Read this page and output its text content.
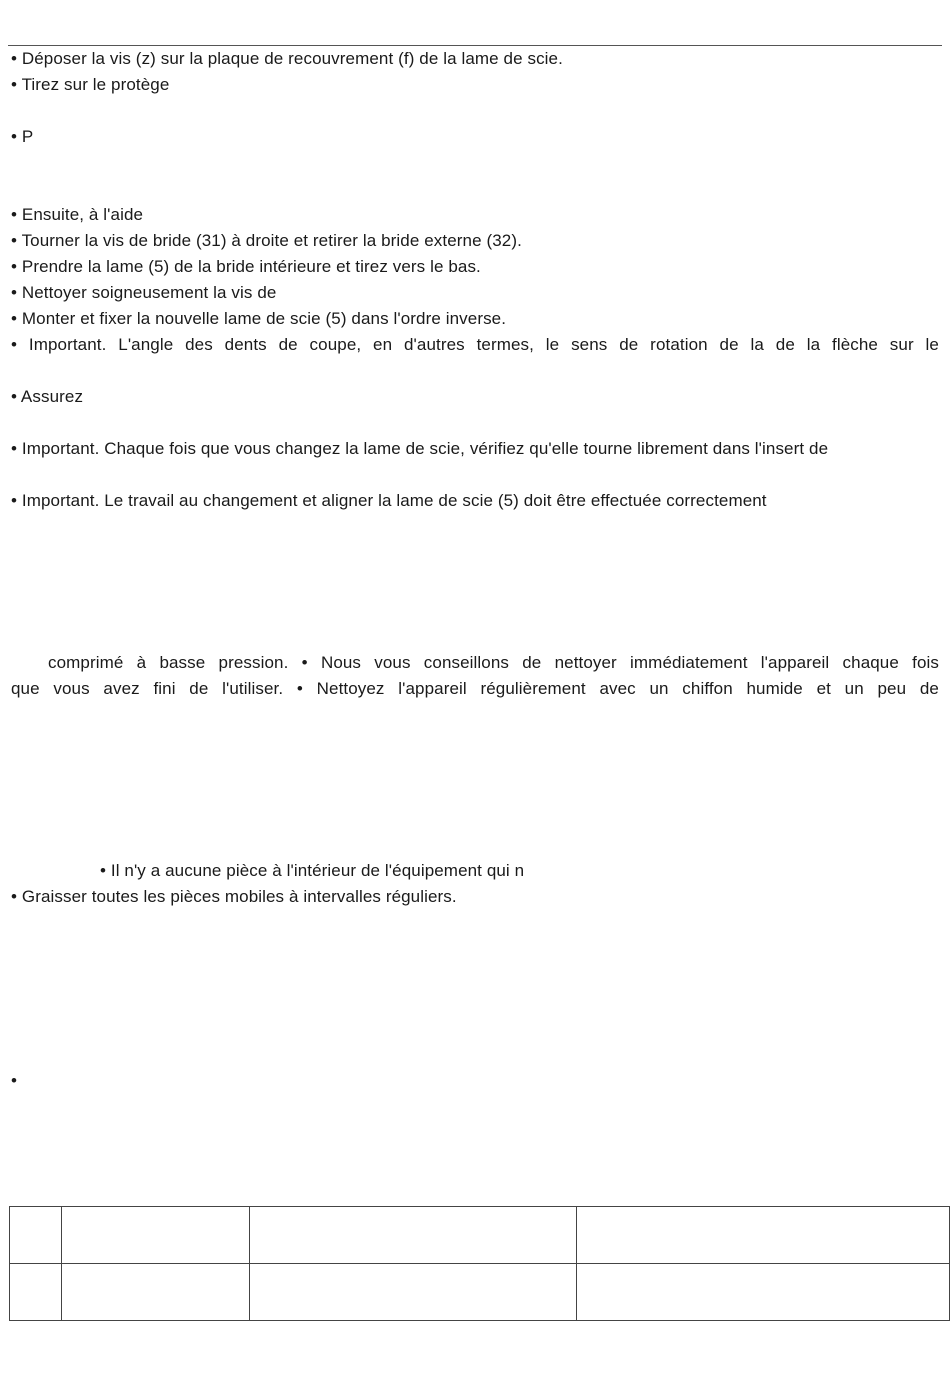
• Déposer la vis (z) sur la plaque de recouvrement (f) de la lame de scie.
• Tirez sur le protège
• P
• Ensuite, à l'aide
• Tourner la vis de bride (31) à droite et retirer la bride externe (32).
• Prendre la lame (5) de la bride intérieure et tirez vers le bas.
• Nettoyer soigneusement la vis de
• Monter et fixer la nouvelle lame de scie (5) dans l'ordre inverse.
• Important. L'angle des dents de coupe, en d'autres termes, le sens de rotation de la de la flèche sur le
• Assurez
• Important. Chaque fois que vous changez la lame de scie, vérifiez qu'elle tourne librement dans l'insert de
• Important. Le travail au changement et aligner la lame de scie (5) doit être effectuée correctement
comprimé à basse pression. • Nous vous conseillons de nettoyer immédiatement l'appareil chaque fois
que vous avez fini de l'utiliser. • Nettoyez l'appareil régulièrement avec un chiffon humide et un peu de
• Il n'y a aucune pièce à l'intérieur de l'équipement qui n
• Graisser toutes les pièces mobiles à intervalles réguliers.
•
